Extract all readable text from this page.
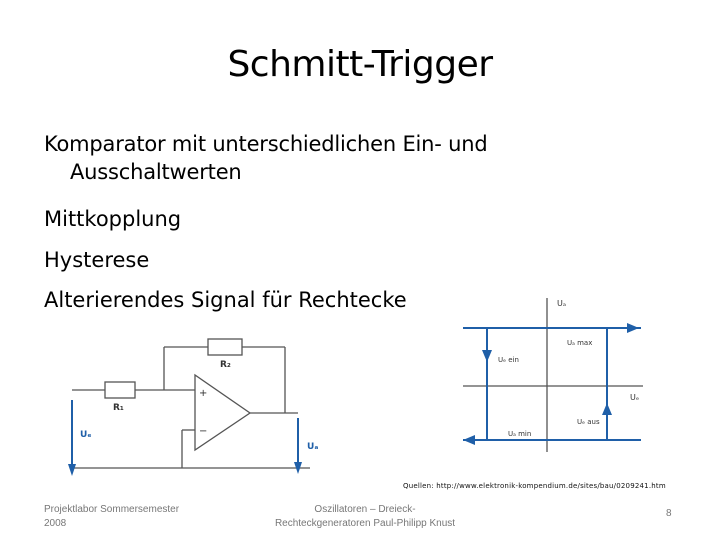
Schmitt-Trigger
Komparator mit unterschiedlichen Ein- und
Ausschaltwerten
Mittkopplung
Hysterese
Alterierendes Signal für Rechtecke
R₂
R₁
+
−
Uₑ
Uₐ
Uₐ
Uₑ
Uₐ max
Uₑ ein
Uₑ aus
Uₐ min
Quellen: http://www.elektronik-kompendium.de/sites/bau/0209241.htm
Projektlabor Sommersemester
2008
Oszillatoren – Dreieck-
Rechteckgeneratoren Paul-Philipp Knust
8
